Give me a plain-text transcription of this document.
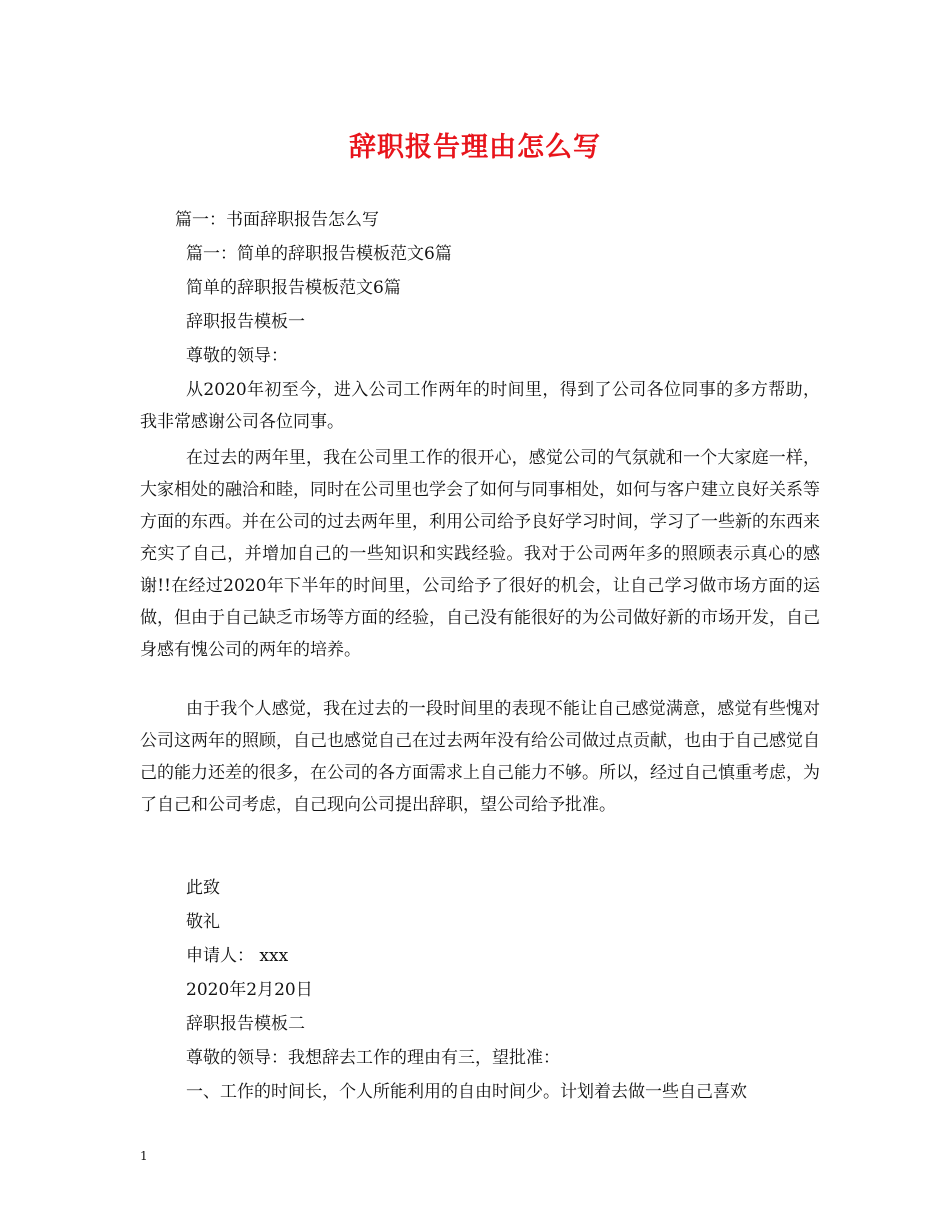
辞职报告理由怎么写
篇一：书面辞职报告怎么写
篇一：简单的辞职报告模板范文6篇
简单的辞职报告模板范文6篇
辞职报告模板一
尊敬的领导：
从2020年初至今，进入公司工作两年的时间里，得到了公司各位同事的多方帮助，我非常感谢公司各位同事。
在过去的两年里，我在公司里工作的很开心，感觉公司的气氛就和一个大家庭一样，大家相处的融洽和睦，同时在公司里也学会了如何与同事相处，如何与客户建立良好关系等方面的东西。并在公司的过去两年里，利用公司给予良好学习时间，学习了一些新的东西来充实了自己，并增加自己的一些知识和实践经验。我对于公司两年多的照顾表示真心的感谢!!在经过2020年下半年的时间里，公司给予了很好的机会，让自己学习做市场方面的运做，但由于自己缺乏市场等方面的经验，自己没有能很好的为公司做好新的市场开发，自己身感有愧公司的两年的培养。
由于我个人感觉，我在过去的一段时间里的表现不能让自己感觉满意，感觉有些愧对公司这两年的照顾，自己也感觉自己在过去两年没有给公司做过点贡献，也由于自己感觉自己的能力还差的很多，在公司的各方面需求上自己能力不够。所以，经过自己慎重考虑，为了自己和公司考虑，自己现向公司提出辞职，望公司给予批准。
此致
敬礼
申请人： xxx
2020年2月20日
辞职报告模板二
尊敬的领导：我想辞去工作的理由有三，望批准：
一、工作的时间长，个人所能利用的自由时间少。计划着去做一些自己喜欢
1
